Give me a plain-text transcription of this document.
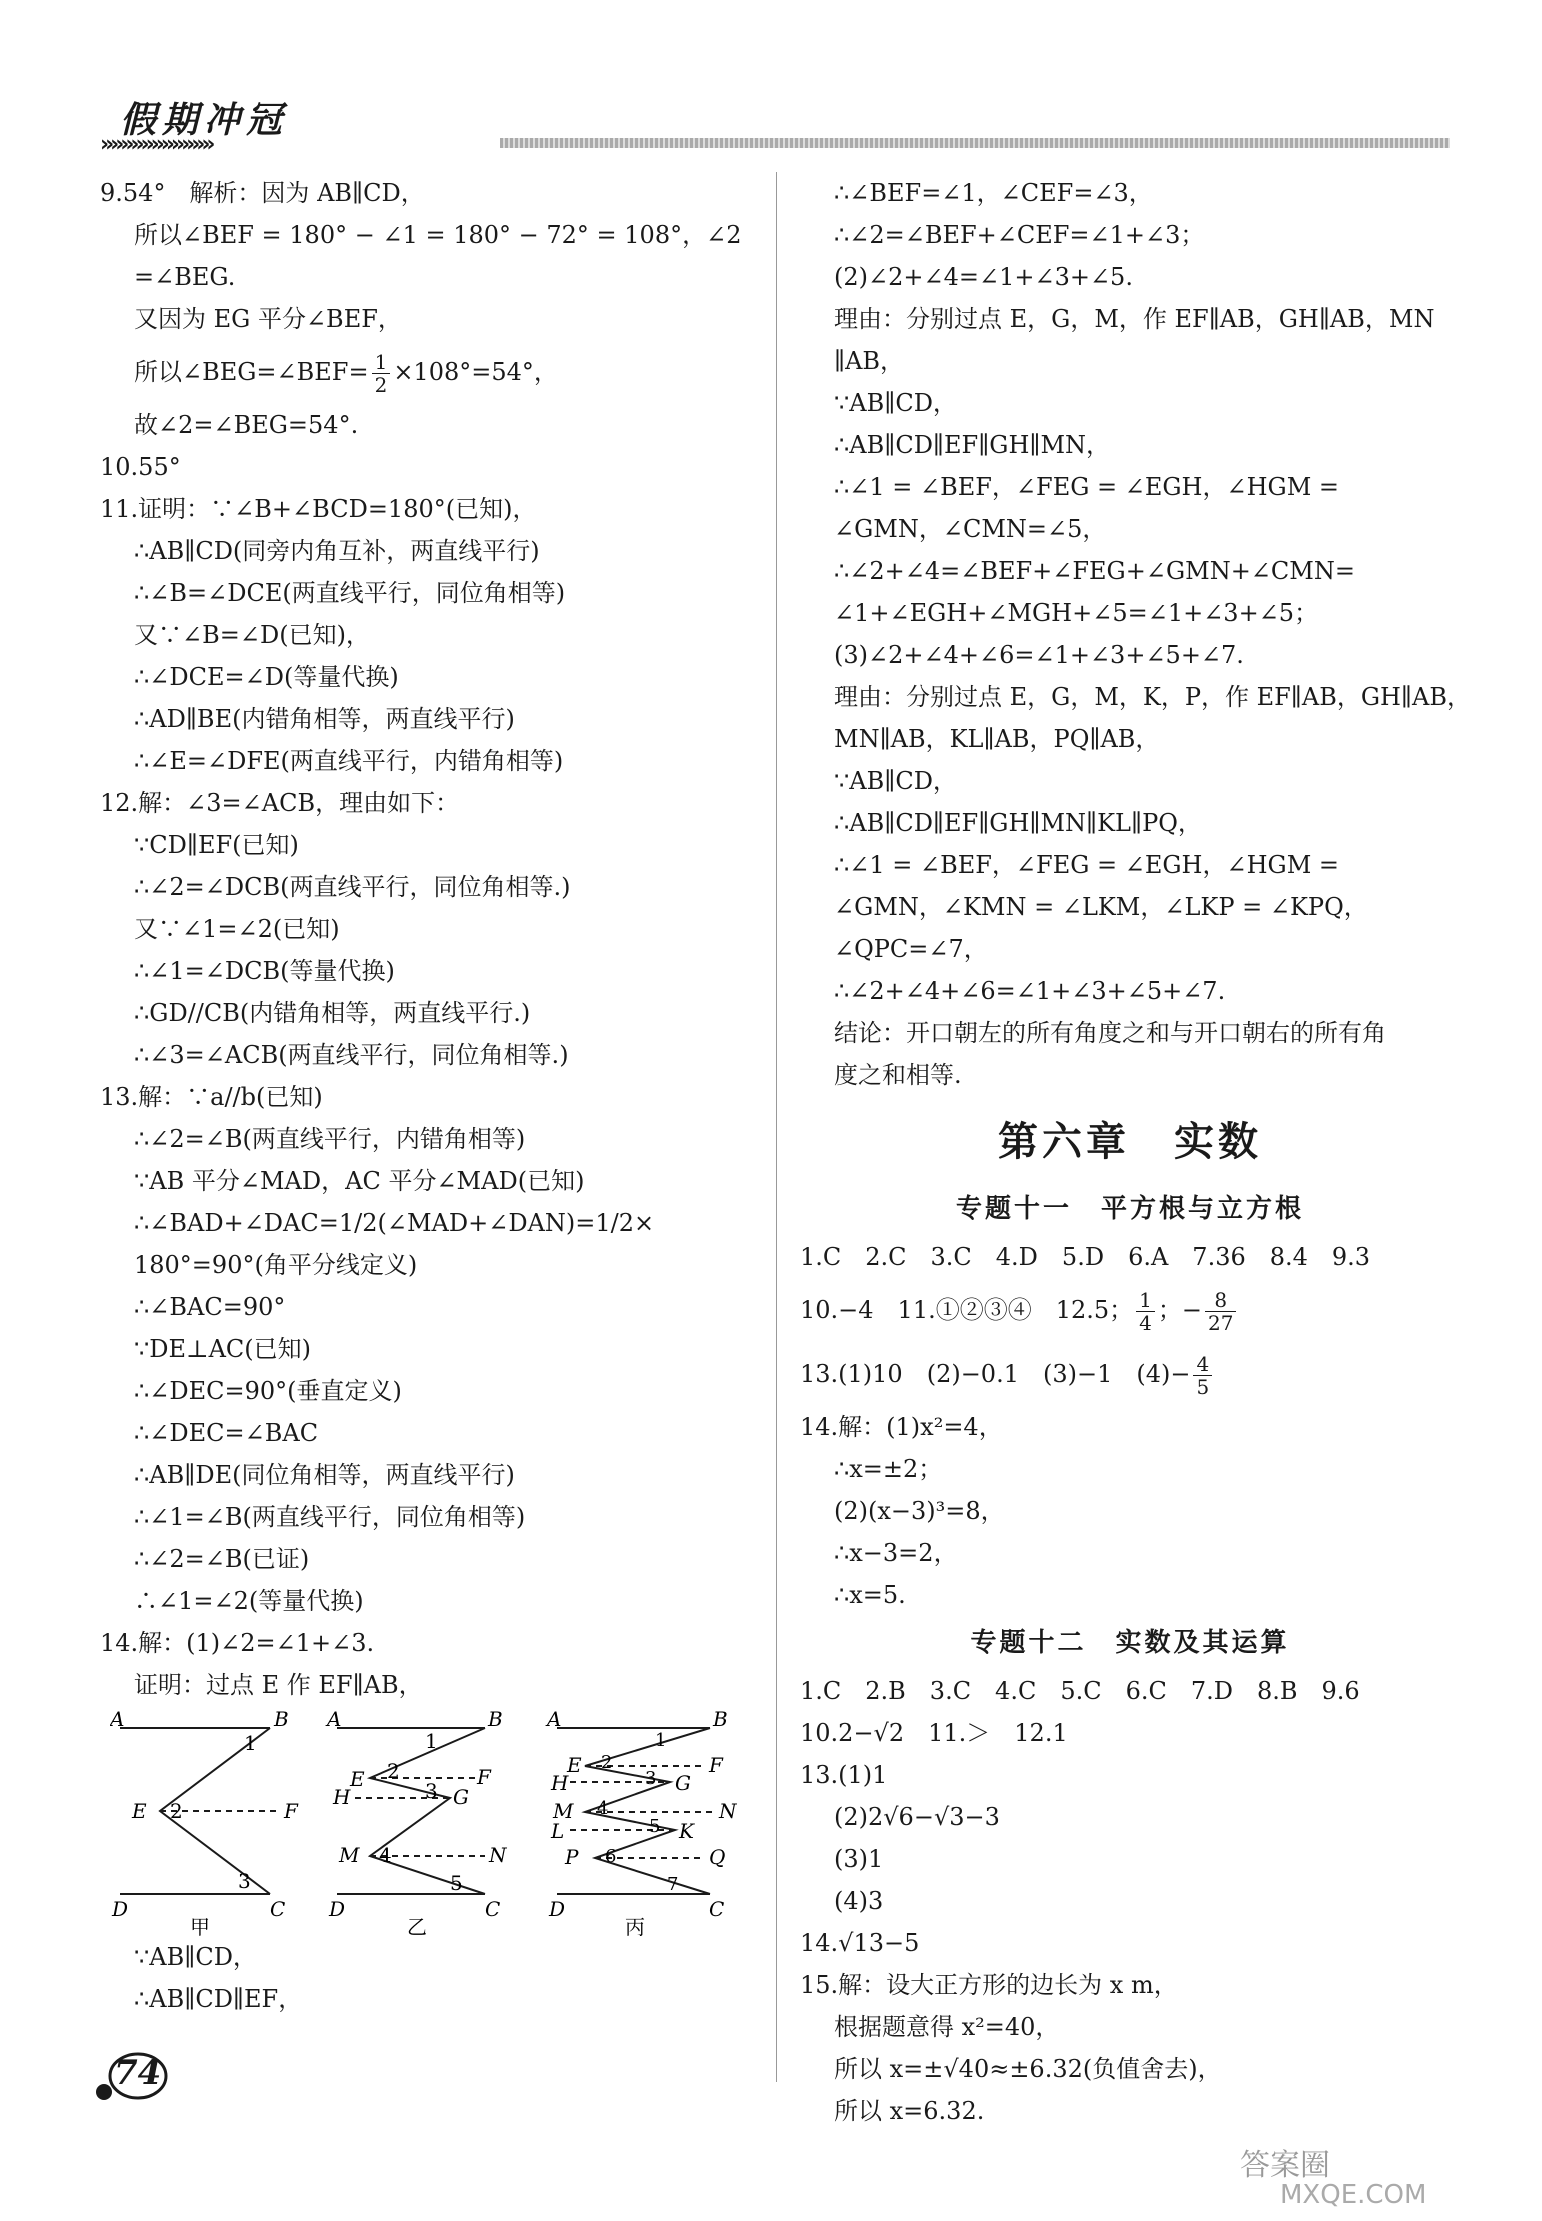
假期冲冠
››››››››››››››››››››››
9.54°　解析：因为 AB∥CD，
所以∠BEF = 180° − ∠1 = 180° − 72° = 108°，∠2
=∠BEG.
又因为 EG 平分∠BEF，
所以∠BEG=∠BEF= $\frac{1}{2} \times 108^\circ=54^\circ$，
故∠2=∠BEG=54°.
10.55°
11.证明：∵∠B+∠BCD=180°(已知)，
∴AB∥CD(同旁内角互补，两直线平行)
∴∠B=∠DCE(两直线平行，同位角相等)
又∵∠B=∠D(已知)，
∴∠DCE=∠D(等量代换)
∴AD∥BE(内错角相等，两直线平行)
∴∠E=∠DFE(两直线平行，内错角相等)
12.解：∠3=∠ACB，理由如下：
∵CD∥EF(已知)
∴∠2=∠DCB(两直线平行，同位角相等.)
又∵∠1=∠2(已知)
∴∠1=∠DCB(等量代换)
∴GD//CB(内错角相等，两直线平行.)
∴∠3=∠ACB(两直线平行，同位角相等.)
13.解：∵a//b(已知)
∴∠2=∠B(两直线平行，内错角相等)
∵AB 平分∠MAD，AC 平分∠MAD(已知)
∴∠BAD+∠DAC=1/2(∠MAD+∠DAN)=1/2×
180°=90°(角平分线定义)
∴∠BAC=90°
∵DE⊥AC(已知)
∴∠DEC=90°(垂直定义)
∴∠DEC=∠BAC
∴AB∥DE(同位角相等，两直线平行)
∴∠1=∠B(两直线平行，同位角相等)
∴∠2=∠B(已证)
∴∠1=∠2(等量代换)
14.解：(1)∠2=∠1+∠3.
证明：过点 E 作 EF∥AB，
A	B
1
E 2	F
3
D	C
甲
A	B
1
E 2	F
H	3 G
M 4	N
5
D	C
乙
A	B
1
E 2	F
H	3 G
M 4	N
L	5 K
P 6	Q
7
D	C
丙
∵AB∥CD，
∴AB∥CD∥EF，
∴∠BEF=∠1，∠CEF=∠3，
∴∠2=∠BEF+∠CEF=∠1+∠3；
(2)∠2+∠4=∠1+∠3+∠5.
理由：分别过点 E，G，M，作 EF∥AB，GH∥AB，MN
∥AB，
∵AB∥CD，
∴AB∥CD∥EF∥GH∥MN，
∴∠1 = ∠BEF，∠FEG = ∠EGH，∠HGM =
∠GMN，∠CMN=∠5，
∴∠2+∠4=∠BEF+∠FEG+∠GMN+∠CMN=
∠1+∠EGH+∠MGH+∠5=∠1+∠3+∠5；
(3)∠2+∠4+∠6=∠1+∠3+∠5+∠7.
理由：分别过点 E，G，M，K，P，作 EF∥AB，GH∥AB，
MN∥AB，KL∥AB，PQ∥AB，
∵AB∥CD，
∴AB∥CD∥EF∥GH∥MN∥KL∥PQ，
∴∠1 = ∠BEF，∠FEG = ∠EGH，∠HGM =
∠GMN，∠KMN = ∠LKM，∠LKP = ∠KPQ，
∠QPC=∠7，
∴∠2+∠4+∠6=∠1+∠3+∠5+∠7.
结论：开口朝左的所有角度之和与开口朝右的所有角
度之和相等.
第六章　实数
专题十一　平方根与立方根
1.C　2.C　3.C　4.D　5.D　6.A　7.36　8.4　9.3
10.−4　11.①②③④　12.5； $\frac{1}{4}$ ；− $\frac{8}{27}$
13.(1)10　(2)−0.1　(3)−1　$(4)- \frac{4}{5}$
14.解：(1)x²=4，
∴x=±2；
(2)(x−3)³=8，
∴x−3=2，
∴x=5.
专题十二　实数及其运算
1.C　2.B　3.C　4.C　5.C　6.C　7.D　8.B　9.6
10.2−√2　11.＞　12.1
13.(1)1
(2)2√6−√3−3
(3)1
(4)3
14.√13−5
15.解：设大正方形的边长为 x m，
根据题意得 x²=40，
所以 x=±√40≈±6.32(负值舍去)，
所以 x=6.32.
74
答案圈
MXQE.COM
